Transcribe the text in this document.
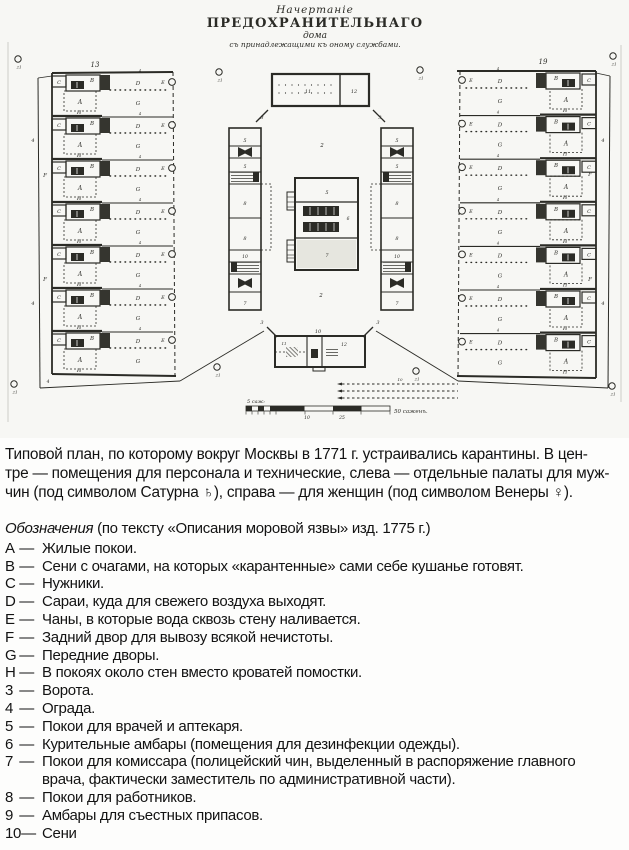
Начертанiе
ПРЕДОХРАНИТЕЛЬНАГО
дома
съ принадлежащими къ оному службами.
21
21
21	21
21	21
21
21
13
C	B
A
H
D
G
E
4
C	B
A
H
D
G
E
4
C	B
A
H
D
G
E
4
C	B
A
H
D
G
E
4
C	B
A
H
D
G
E
4
C	B
A
H
D
G
E
4
C	B
A
H
D
G
E
4
4
4
F
F
4
19
C
B
A
H
D
G
E
4
C
B
A
H
D
G
E
4
C
B
A
H
D
G
E
4
C
B
A
H
D
G
E
4
C
B
A
H
D
G
E
4
C
B
A
H
D
G
E
4
C
B
A
H
D
G
E
4
4
4
F
F
11	12
3	3
2
2
5
5
8
8
10
7
5
5
8
8
10
7
5
6
7
10
11	12
3	3
10
5 саж:
10	25
50 саженъ.
Типовой план, по которому вокруг Москвы в 1771 г. устраивались карантины. В цен-
тре — помещения для персонала и технические, слева — отдельные палаты для муж-
чин (под символом Сатурна ♄), справа — для женщин (под символом Венеры ♀).
Обозначения (по тексту «Описания моровой язвы» изд. 1775 г.)
A — Жилые покои.
B — Сени с очагами, на которых «карантенные» сами себе кушанье готовят.
C — Нужники.
D — Сараи, куда для свежего воздуха выходят.
E — Чаны, в которые вода сквозь стену наливается.
F — Задний двор для вывозу всякой нечистоты.
G — Передние дворы.
H — В покоях около стен вместо кроватей помостки.
3 — Ворота.
4 — Ограда.
5 — Покои для врачей и аптекаря.
6 — Курительные амбары (помещения для дезинфекции одежды).
7 — Покои для комиссара (полицейский чин, выделенный в распоряжение главного
врача, фактически заместитель по административной части).
8 — Покои для работников.
9 — Амбары для съестных припасов.
10 — Сени
